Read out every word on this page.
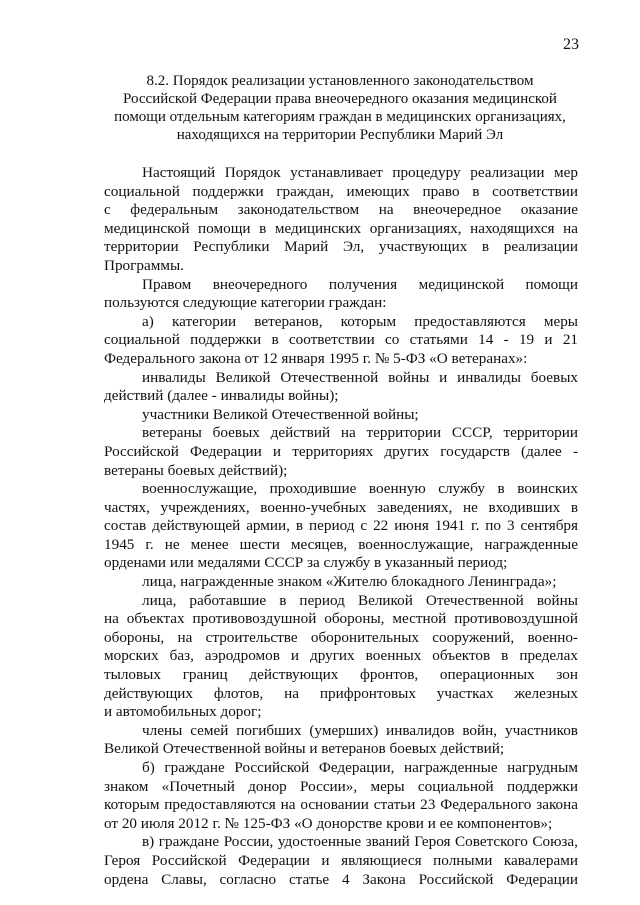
23
8.2. Порядок реализации установленного законодательством
Российской Федерации права внеочередного оказания медицинской
помощи отдельным категориям граждан в медицинских организациях,
находящихся на территории Республики Марий Эл
Настоящий Порядок устанавливает процедуру реализации мер
социальной поддержки граждан, имеющих право в соответствии
с федеральным законодательством на внеочередное оказание
медицинской помощи в медицинских организациях, находящихся на
территории Республики Марий Эл, участвующих в реализации
Программы.
Правом внеочередного получения медицинской помощи
пользуются следующие категории граждан:
а) категории ветеранов, которым предоставляются меры
социальной поддержки в соответствии со статьями 14 - 19 и 21
Федерального закона от 12 января 1995 г. № 5-ФЗ «О ветеранах»:
инвалиды Великой Отечественной войны и инвалиды боевых
действий (далее - инвалиды войны);
участники Великой Отечественной войны;
ветераны боевых действий на территории СССР, территории
Российской Федерации и территориях других государств (далее -
ветераны боевых действий);
военнослужащие, проходившие военную службу в воинских
частях, учреждениях, военно-учебных заведениях, не входивших в
состав действующей армии, в период с 22 июня 1941 г. по 3 сентября
1945 г. не менее шести месяцев, военнослужащие, награжденные
орденами или медалями СССР за службу в указанный период;
лица, награжденные знаком «Жителю блокадного Ленинграда»;
лица, работавшие в период Великой Отечественной войны
на объектах противовоздушной обороны, местной противовоздушной
обороны, на строительстве оборонительных сооружений, военно-
морских баз, аэродромов и других военных объектов в пределах
тыловых границ действующих фронтов, операционных зон
действующих флотов, на прифронтовых участках железных
и автомобильных дорог;
члены семей погибших (умерших) инвалидов войн, участников
Великой Отечественной войны и ветеранов боевых действий;
б) граждане Российской Федерации, награжденные нагрудным
знаком «Почетный донор России», меры социальной поддержки
которым предоставляются на основании статьи 23 Федерального закона
от 20 июля 2012 г. № 125-ФЗ «О донорстве крови и ее компонентов»;
в) граждане России, удостоенные званий Героя Советского Союза,
Героя Российской Федерации и являющиеся полными кавалерами
ордена Славы, согласно статье 4 Закона Российской Федерации
